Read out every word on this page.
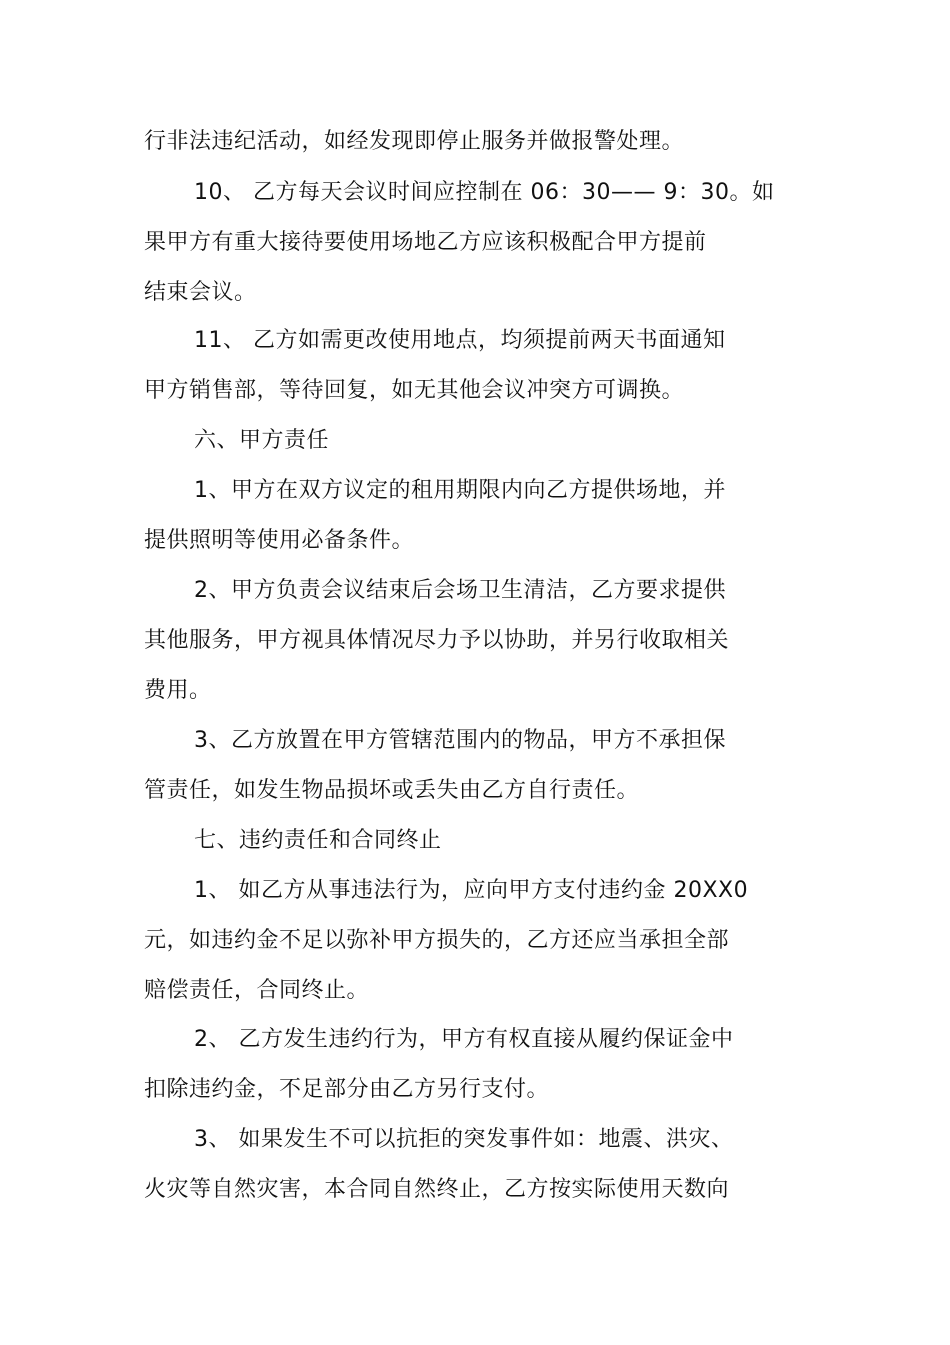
行非法违纪活动，如经发现即停止服务并做报警处理。
10、 乙方每天会议时间应控制在 06：30—— 9：30。如
果甲方有重大接待要使用场地乙方应该积极配合甲方提前
结束会议。
11、 乙方如需更改使用地点，均须提前两天书面通知
甲方销售部，等待回复，如无其他会议冲突方可调换。
六、甲方责任
1、甲方在双方议定的租用期限内向乙方提供场地，并
提供照明等使用必备条件。
2、甲方负责会议结束后会场卫生清洁，乙方要求提供
其他服务，甲方视具体情况尽力予以协助，并另行收取相关
费用。
3、乙方放置在甲方管辖范围内的物品，甲方不承担保
管责任，如发生物品损坏或丢失由乙方自行责任。
七、违约责任和合同终止
1、 如乙方从事违法行为，应向甲方支付违约金 20XX0
元，如违约金不足以弥补甲方损失的，乙方还应当承担全部
赔偿责任，合同终止。
2、 乙方发生违约行为，甲方有权直接从履约保证金中
扣除违约金，不足部分由乙方另行支付。
3、 如果发生不可以抗拒的突发事件如：地震、洪灾、
火灾等自然灾害，本合同自然终止，乙方按实际使用天数向
